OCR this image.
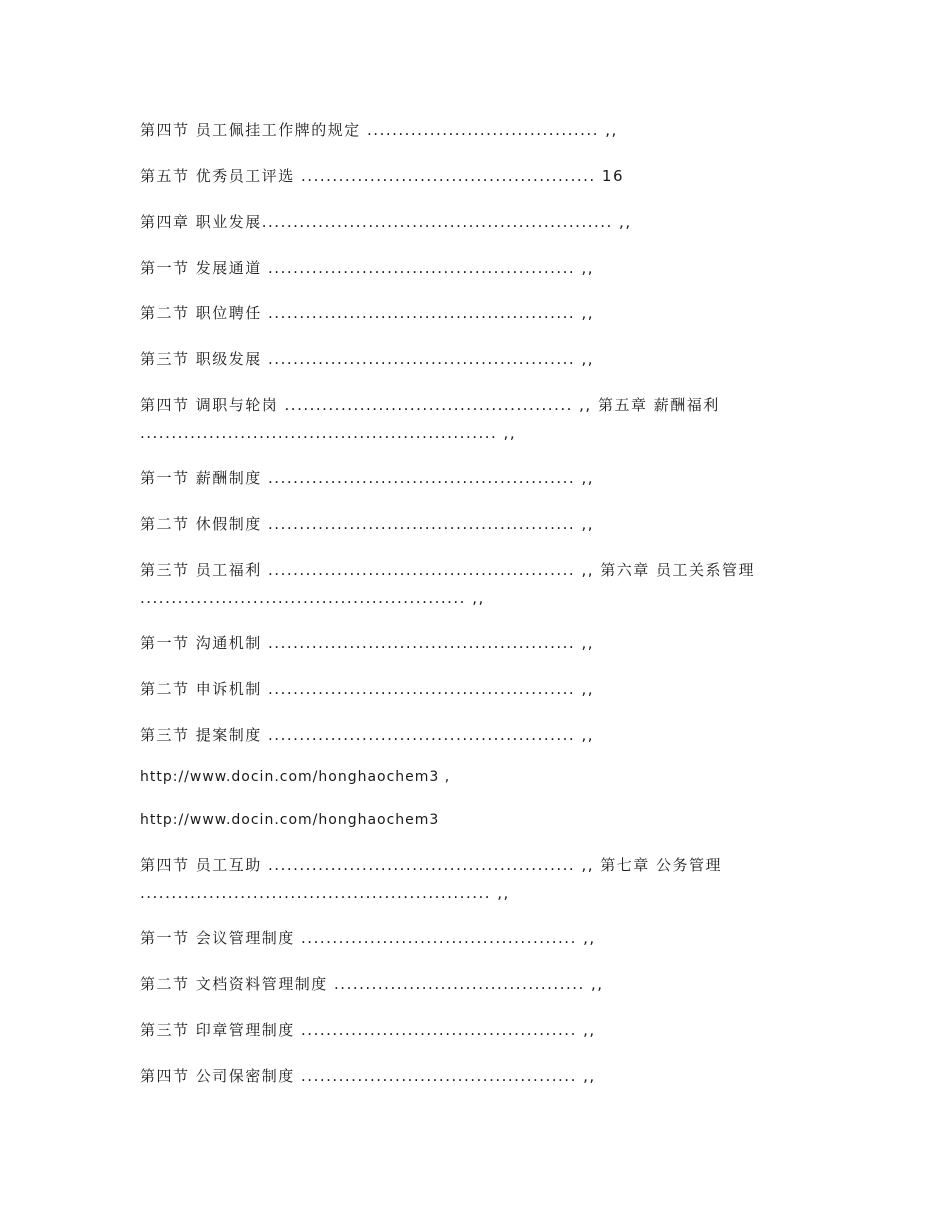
第四节 员工佩挂工作牌的规定 ..................................... ,,
第五节 优秀员工评选 ............................................... 16
第四章 职业发展........................................................ ,,
第一节 发展通道 ................................................. ,,
第二节 职位聘任 ................................................. ,,
第三节 职级发展 ................................................. ,,
第四节 调职与轮岗 .............................................. ,, 第五章 薪酬福利 ......................................................... ,,
第一节 薪酬制度 ................................................. ,,
第二节 休假制度 ................................................. ,,
第三节 员工福利 ................................................. ,, 第六章 员工关系管理 .................................................... ,,
第一节 沟通机制 ................................................. ,,
第二节 申诉机制 ................................................. ,,
第三节 提案制度 ................................................. ,,
http://www.docin.com/honghaochem3 ,
http://www.docin.com/honghaochem3
第四节 员工互助 ................................................. ,, 第七章 公务管理 ........................................................ ,,
第一节 会议管理制度 ............................................ ,,
第二节 文档资料管理制度 ........................................ ,,
第三节 印章管理制度 ............................................ ,,
第四节 公司保密制度 ............................................ ,,
